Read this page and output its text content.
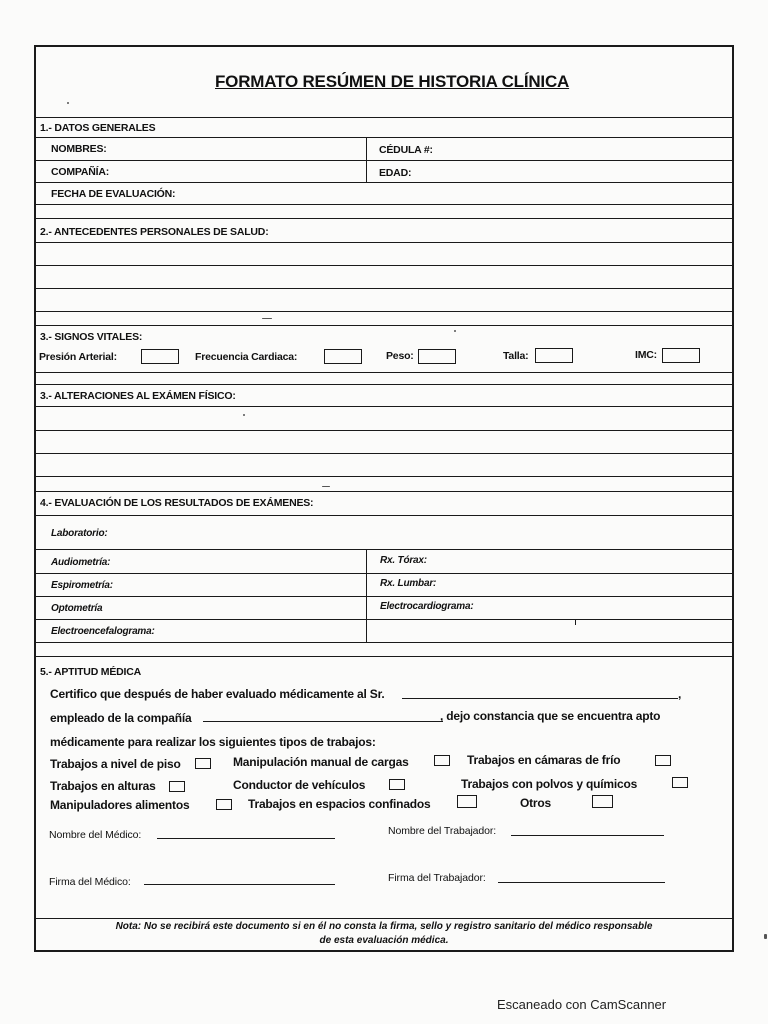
FORMATO RESÚMEN DE HISTORIA CLÍNICA
1.- DATOS GENERALES
NOMBRES:	CÉDULA #:
COMPAÑÍA:	EDAD:
FECHA DE EVALUACIÓN:
2.- ANTECEDENTES PERSONALES DE SALUD:
3.- SIGNOS VITALES:
Presión Arterial:	Frecuencia Cardiaca:	Peso:	Talla:	IMC:
3.- ALTERACIONES AL EXÁMEN FÍSICO:
4.- EVALUACIÓN DE LOS RESULTADOS DE EXÁMENES:
Laboratorio:
Audiometría:	Rx. Tórax:
Espirometría:	Rx. Lumbar:
Optometría	Electrocardiograma:
Electroencefalograma:
5.- APTITUD MÉDICA
Certifico que después de haber evaluado médicamente al Sr.	,
empleado de la compañía	, dejo constancia que se encuentra apto
médicamente para realizar los siguientes tipos de trabajos:
Trabajos a nivel de piso	Manipulación manual de cargas	Trabajos en cámaras de frío
Trabajos en alturas	Conductor de vehículos	Trabajos con polvos y químicos
Manipuladores alimentos	Trabajos en espacios confinados	Otros
Nombre del Médico:	Nombre del Trabajador:
Firma del Médico:	Firma del Trabajador:
Nota: No se recibirá este documento si en él no consta la firma, sello y registro sanitario del médico responsable
de esta evaluación médica.
Escaneado con CamScanner
